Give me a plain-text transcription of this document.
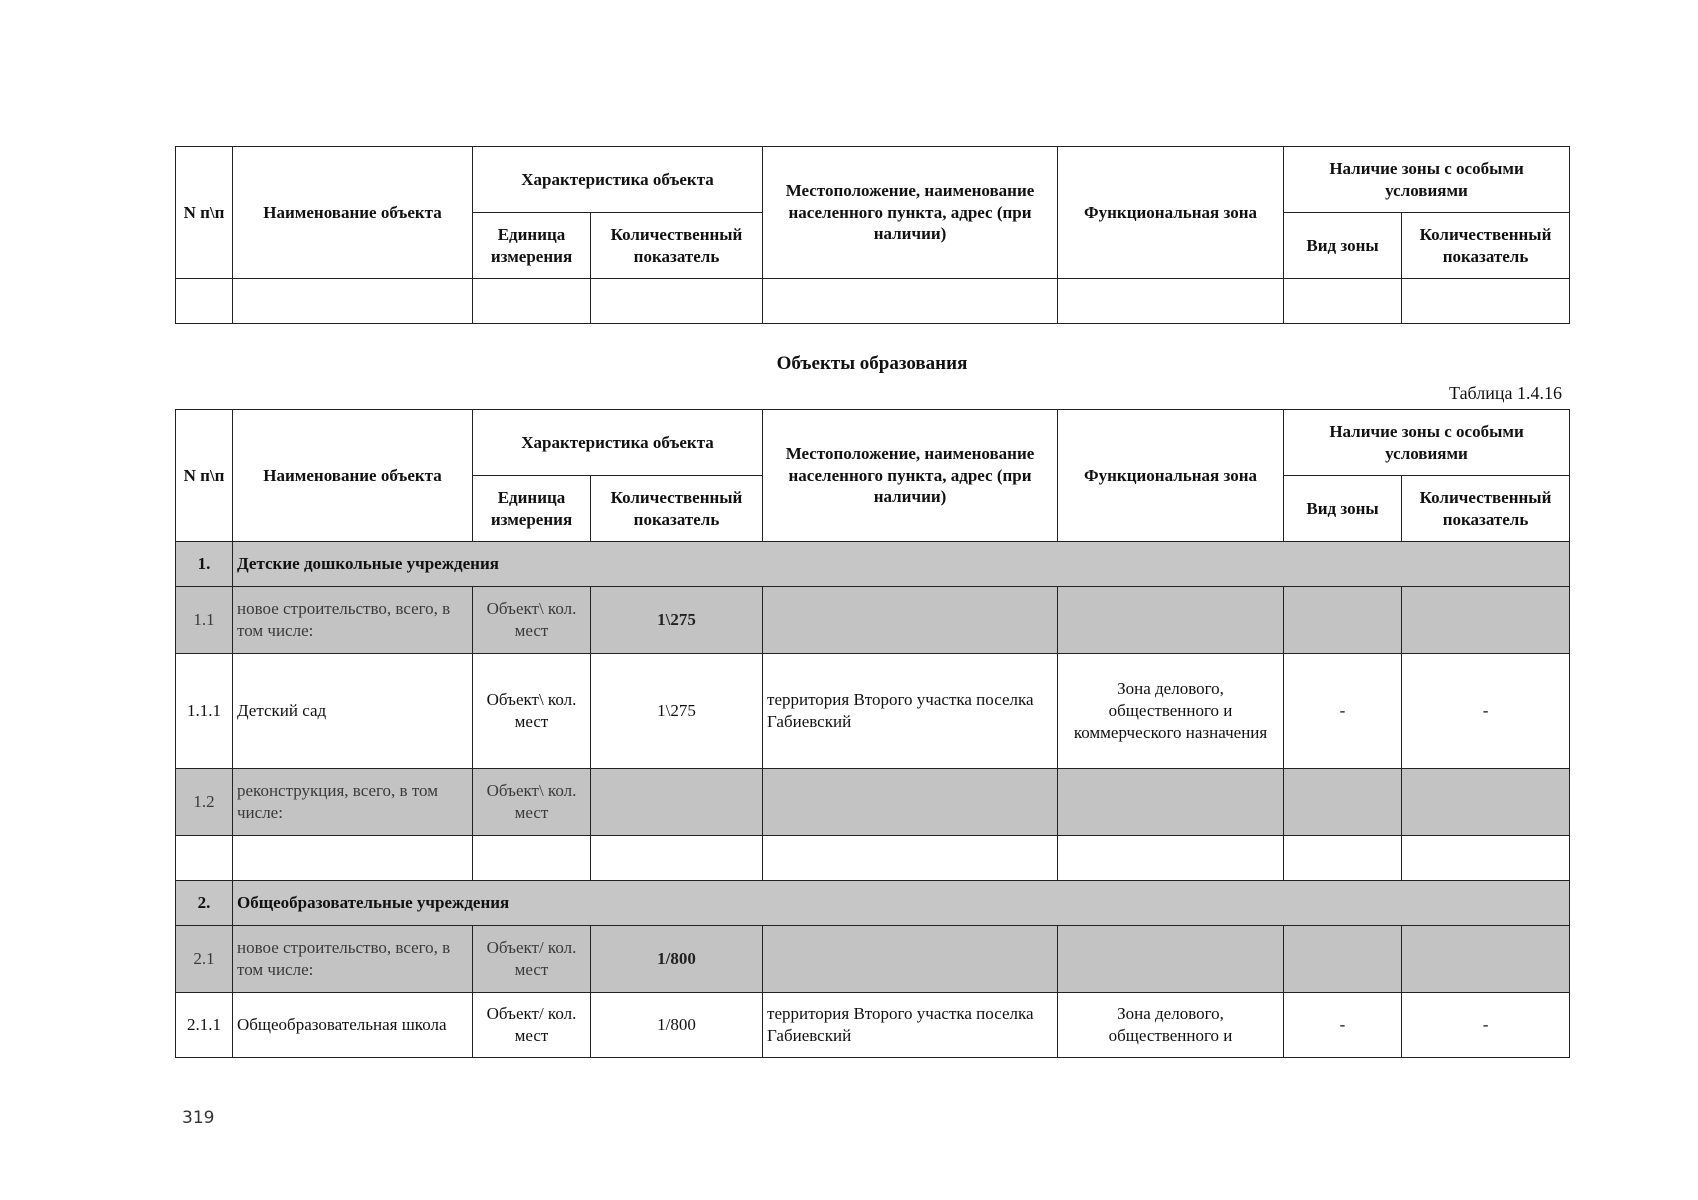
N п\п	Наименование объекта	Характеристика объекта		Местоположение, наименование населенного пункта, адрес (при наличии)	Функциональная зона	Наличие зоны с особыми условиями	
		Единица измерения	Количественный показатель			Вид зоны	Количественный показатель

Объекты образования
Таблица 1.4.16
N п\п	Наименование объекта	Характеристика объекта		Местоположение, наименование населенного пункта, адрес (при наличии)	Функциональная зона	Наличие зоны с особыми условиями	
		Единица измерения	Количественный показатель			Вид зоны	Количественный показатель
1.	Детские дошкольные учреждения						
1.1	новое строительство, всего, в том числе:	Объект\ кол. мест	1\275				
1.1.1	Детский сад	Объект\ кол. мест	1\275	территория Второго участка поселка Габиевский	Зона делового, общественного и коммерческого назначения	-	-
1.2	реконструкция, всего, в том числе:	Объект\ кол. мест					

2.	Общеобразовательные учреждения						
2.1	новое строительство, всего, в том числе:	Объект/ кол. мест	1/800				
2.1.1	Общеобразовательная школа	Объект/ кол. мест	1/800	территория Второго участка поселка Габиевский	Зона делового, общественного и	-	-
319
